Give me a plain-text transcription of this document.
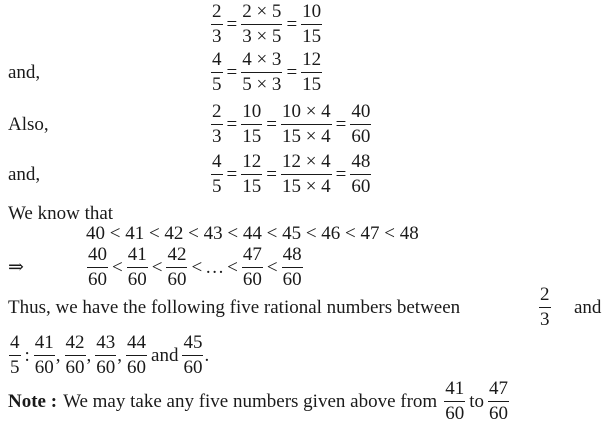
$\frac{2}{3} = \frac{2 \times 5}{3 \times 5} = \frac{10}{15}$
and,	$\frac{4}{5} = \frac{4 \times 3}{5 \times 3} = \frac{12}{15}$
Also,	$\frac{2}{3} = \frac{10}{15} = \frac{10 \times 4}{15 \times 4} = \frac{40}{60}$
and,	$\frac{4}{5} = \frac{12}{15} = \frac{12 \times 4}{15 \times 4} = \frac{48}{60}$
We know that
40 < 41 < 42 < 43 < 44 < 45 < 46 < 47 < 48
⇒	$\frac{40}{60} < \frac{41}{60} < \frac{42}{60}$ < … < $\frac{47}{60} < \frac{48}{60}$
Thus, we have the following five rational numbers between	$\frac{2}{3}$ and
$\frac{4}{5}$ : $\frac{41}{60}$ , $\frac{42}{60}$ , $\frac{43}{60}$ , $\frac{44}{60}$ and $\frac{45}{60}$ .
Note : We may take any five numbers given above from $\frac{41}{60}$ to $\frac{47}{60}$
